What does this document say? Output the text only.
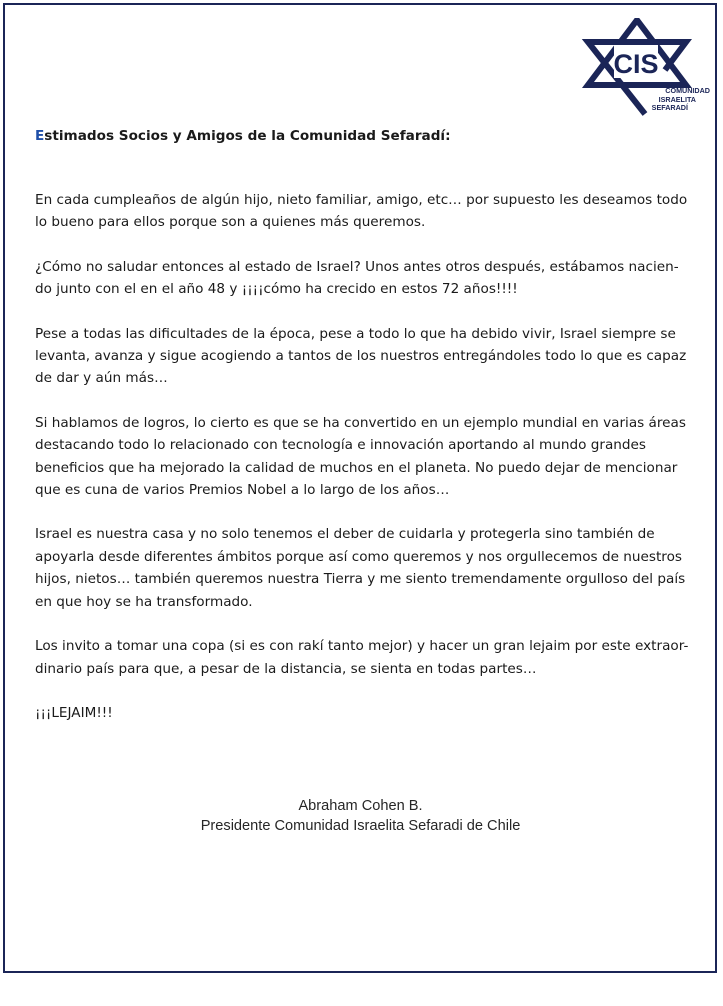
CIS
COMUNIDAD
ISRAELITA
SEFARADÍ

Estimados Socios y Amigos de la Comunidad Sefaradí:

En cada cumpleaños de algún hijo, nieto familiar, amigo, etc… por supuesto les deseamos todo
lo bueno para ellos porque son a quienes más queremos.

¿Cómo no saludar entonces al estado de Israel? Unos antes otros después, estábamos nacien-
do junto con el en el año 48 y ¡¡¡¡cómo ha crecido en estos 72 años!!!!

Pese a todas las dificultades de la época, pese a todo lo que ha debido vivir, Israel siempre se
levanta, avanza y sigue acogiendo a tantos de los nuestros entregándoles todo lo que es capaz
de dar y aún más…

Si hablamos de logros, lo cierto es que se ha convertido en un ejemplo mundial en varias áreas
destacando todo lo relacionado con tecnología e innovación aportando al mundo grandes
beneficios que ha mejorado la calidad de muchos en el planeta. No puedo dejar de mencionar
que es cuna de varios Premios Nobel a lo largo de los años…

Israel es nuestra casa y no solo tenemos el deber de cuidarla y protegerla sino también de
apoyarla desde diferentes ámbitos porque así como queremos y nos orgullecemos de nuestros
hijos, nietos… también queremos nuestra Tierra y me siento tremendamente orgulloso del país
en que hoy se ha transformado.

Los invito a tomar una copa (si es con rakí tanto mejor) y hacer un gran lejaim por este extraor-
dinario país para que, a pesar de la distancia, se sienta en todas partes…

¡¡¡LEJAIM!!!

Abraham Cohen B.
Presidente Comunidad Israelita Sefaradi de Chile
